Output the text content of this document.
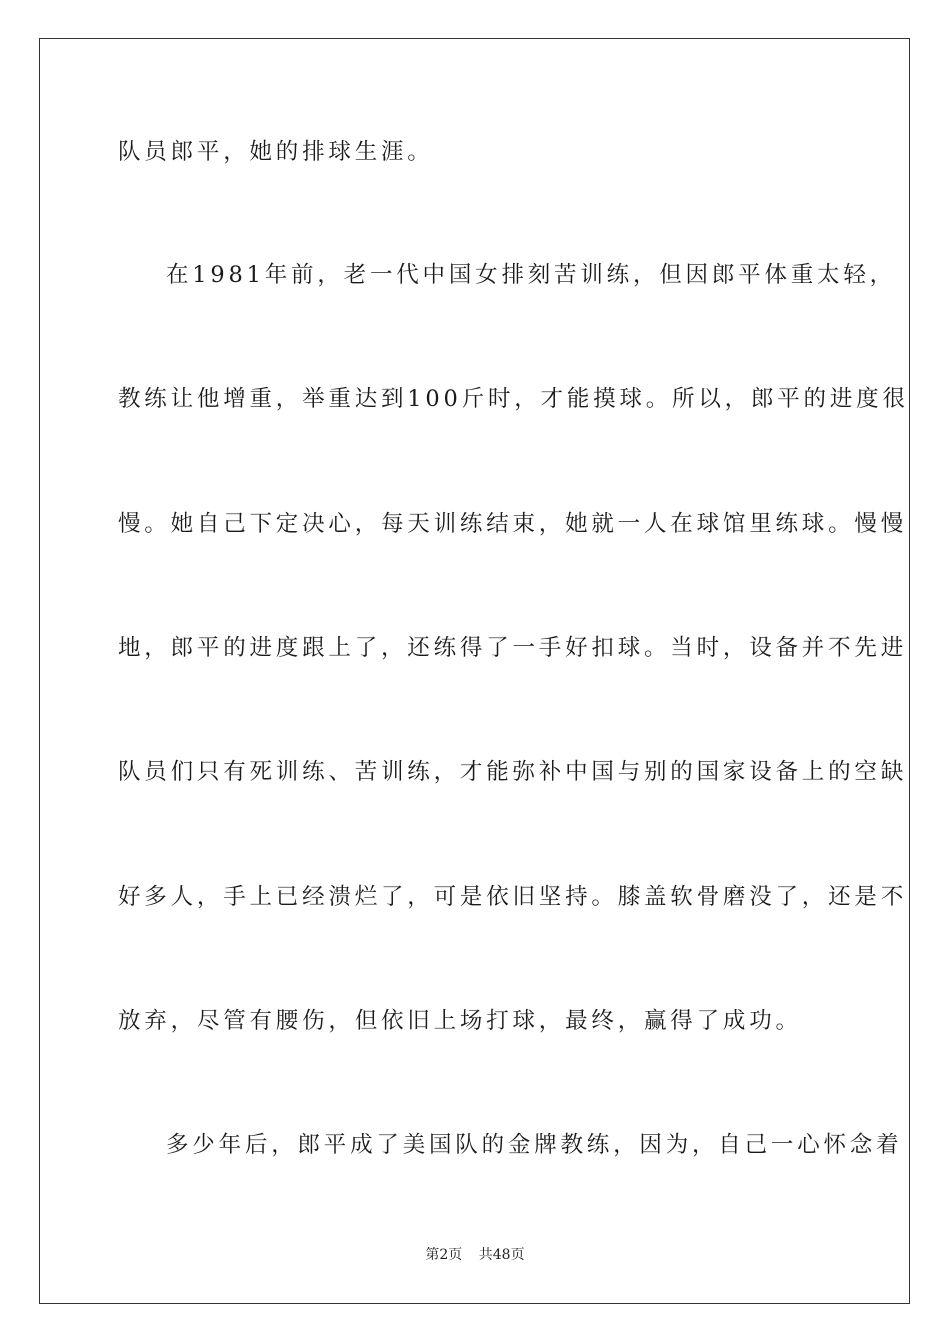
队员郎平，她的排球生涯。
在1981年前，老一代中国女排刻苦训练，但因郎平体重太轻，
教练让他增重，举重达到100斤时，才能摸球。所以，郎平的进度很
慢。她自己下定决心，每天训练结束，她就一人在球馆里练球。慢慢
地，郎平的进度跟上了，还练得了一手好扣球。当时，设备并不先进
队员们只有死训练、苦训练，才能弥补中国与别的国家设备上的空缺
好多人，手上已经溃烂了，可是依旧坚持。膝盖软骨磨没了，还是不
放弃，尽管有腰伤，但依旧上场打球，最终，赢得了成功。
多少年后，郎平成了美国队的金牌教练，因为，自己一心怀念着
第2页 共48页
